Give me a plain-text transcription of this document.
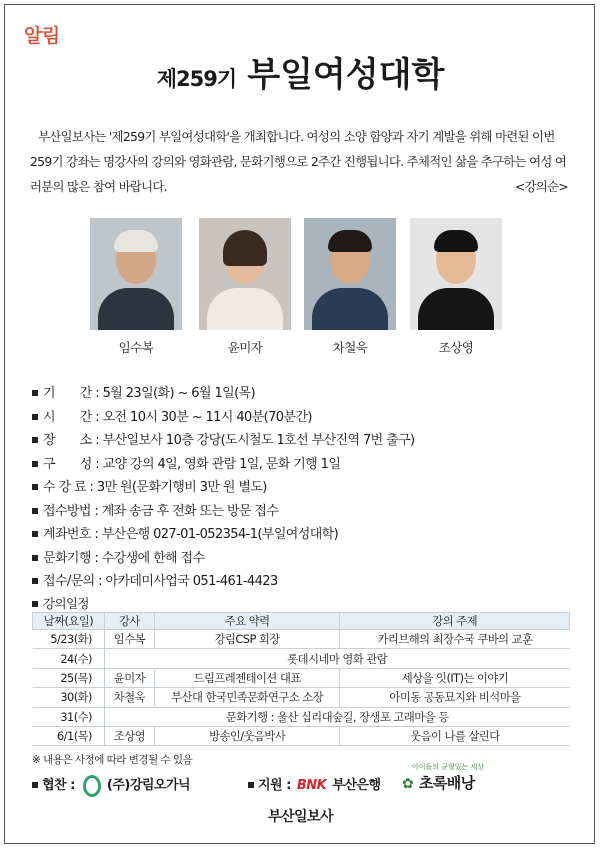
알림
제259기 부일여성대학
부산일보사는 '제259기 부일여성대학'을 개최합니다. 여성의 소양 함양과 자기 계발을 위해 마련된 이번 259기 강좌는 명강사의 강의와 영화관람, 문화기행으로 2주간 진행됩니다. 주체적인 삶을 추구하는 여성 여러분의 많은 참여 바랍니다.	<강의순>
임수복	윤미자	차철욱	조상영
기　　간 : 5월 23일(화) ~ 6월 1일(목)
시　　간 : 오전 10시 30분 ~ 11시 40분(70분간)
장　　소 : 부산일보사 10층 강당(도시철도 1호선 부산진역 7번 출구)
구　　성 : 교양 강의 4일, 영화 관람 1일, 문화 기행 1일
수 강 료 : 3만 원(문화기행비 3만 원 별도)
접수방법 : 계좌 송금 후 전화 또는 방문 접수
계좌번호 : 부산은행 027-01-052354-1(부일여성대학)
문화기행 : 수강생에 한해 접수
접수/문의 : 아카데미사업국 051-461-4423
강의일정
날짜(요일)	강사	주요 약력	강의 주제
5/23(화)	임수복	강림CSP 회장	카리브해의 최장수국 쿠바의 교훈
24(수)	롯데시네마 영화 관람		
25(목)	윤미자	드림프레젠테이션 대표	세상을 잇(IT)는 이야기
30(화)	차철욱	부산대 한국민족문화연구소 소장	아미동 공동묘지와 비석마을
31(수)	문화기행 : 울산 십리대숲길, 장생포 고래마을 등		
6/1(목)	조상영	방송인/웃음박사	웃음이 나를 살린다
※ 내용은 사정에 따라 변경될 수 있음
협찬 : (주)강림오가닉	지원 : BNK 부산은행
아이들의 균형있는 세상
✿ 초록배낭
부산일보사
